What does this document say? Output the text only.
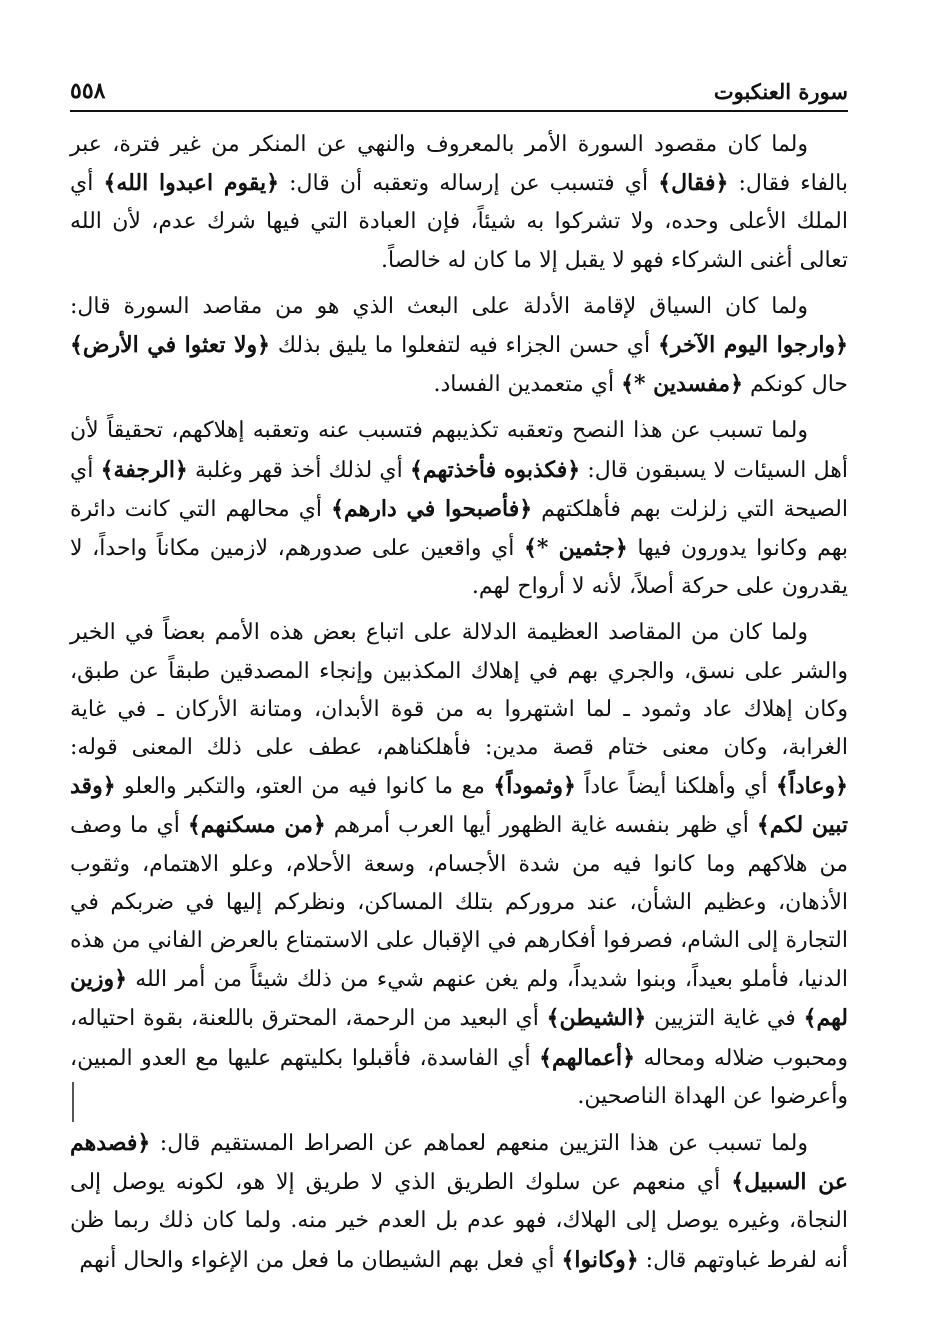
٥٥٨	سورة العنكبوت

ولما كان مقصود السورة الأمر بالمعروف والنهي عن المنكر من غير فترة، عبر بالفاء فقال: ﴿فقال﴾ أي فتسبب عن إرساله وتعقبه أن قال: ﴿يقوم اعبدوا الله﴾ أي الملك الأعلى وحده، ولا تشركوا به شيئاً، فإن العبادة التي فيها شرك عدم، لأن الله تعالى أغنى الشركاء فهو لا يقبل إلا ما كان له خالصاً.

ولما كان السياق لإقامة الأدلة على البعث الذي هو من مقاصد السورة قال: ﴿وارجوا اليوم الآخر﴾ أي حسن الجزاء فيه لتفعلوا ما يليق بذلك ﴿ولا تعثوا في الأرض﴾ حال كونكم ﴿مفسدين *﴾ أي متعمدين الفساد.

ولما تسبب عن هذا النصح وتعقبه تكذيبهم فتسبب عنه وتعقبه إهلاكهم، تحقيقاً لأن أهل السيئات لا يسبقون قال: ﴿فكذبوه فأخذتهم﴾ أي لذلك أخذ قهر وغلبة ﴿الرجفة﴾ أي الصيحة التي زلزلت بهم فأهلكتهم ﴿فأصبحوا في دارهم﴾ أي محالهم التي كانت دائرة بهم وكانوا يدورون فيها ﴿جثمين *﴾ أي واقعين على صدورهم، لازمين مكاناً واحداً، لا يقدرون على حركة أصلاً، لأنه لا أرواح لهم.

ولما كان من المقاصد العظيمة الدلالة على اتباع بعض هذه الأمم بعضاً في الخير والشر على نسق، والجري بهم في إهلاك المكذبين وإنجاء المصدقين طبقاً عن طبق، وكان إهلاك عاد وثمود ـ لما اشتهروا به من قوة الأبدان، ومتانة الأركان ـ في غاية الغرابة، وكان معنى ختام قصة مدين: فأهلكناهم، عطف على ذلك المعنى قوله: ﴿وعاداً﴾ أي وأهلكنا أيضاً عاداً ﴿وثموداً﴾ مع ما كانوا فيه من العتو، والتكبر والعلو ﴿وقد تبين لكم﴾ أي ظهر بنفسه غاية الظهور أيها العرب أمرهم ﴿من مسكنهم﴾ أي ما وصف من هلاكهم وما كانوا فيه من شدة الأجسام، وسعة الأحلام، وعلو الاهتمام، وثقوب الأذهان، وعظيم الشأن، عند مروركم بتلك المساكن، ونظركم إليها في ضربكم في التجارة إلى الشام، فصرفوا أفكارهم في الإقبال على الاستمتاع بالعرض الفاني من هذه الدنيا، فأملو بعيداً، وبنوا شديداً، ولم يغن عنهم شيء من ذلك شيئاً من أمر الله ﴿وزين لهم﴾ في غاية التزيين ﴿الشيطن﴾ أي البعيد من الرحمة، المحترق باللعنة، بقوة احتياله، ومحبوب ضلاله ومحاله ﴿أعمالهم﴾ أي الفاسدة، فأقبلوا بكليتهم عليها مع العدو المبين، وأعرضوا عن الهداة الناصحين.

ولما تسبب عن هذا التزيين منعهم لعماهم عن الصراط المستقيم قال: ﴿فصدهم عن السبيل﴾ أي منعهم عن سلوك الطريق الذي لا طريق إلا هو، لكونه يوصل إلى النجاة، وغيره يوصل إلى الهلاك، فهو عدم بل العدم خير منه. ولما كان ذلك ربما ظن أنه لفرط غباوتهم قال: ﴿وكانوا﴾ أي فعل بهم الشيطان ما فعل من الإغواء والحال أنهم
